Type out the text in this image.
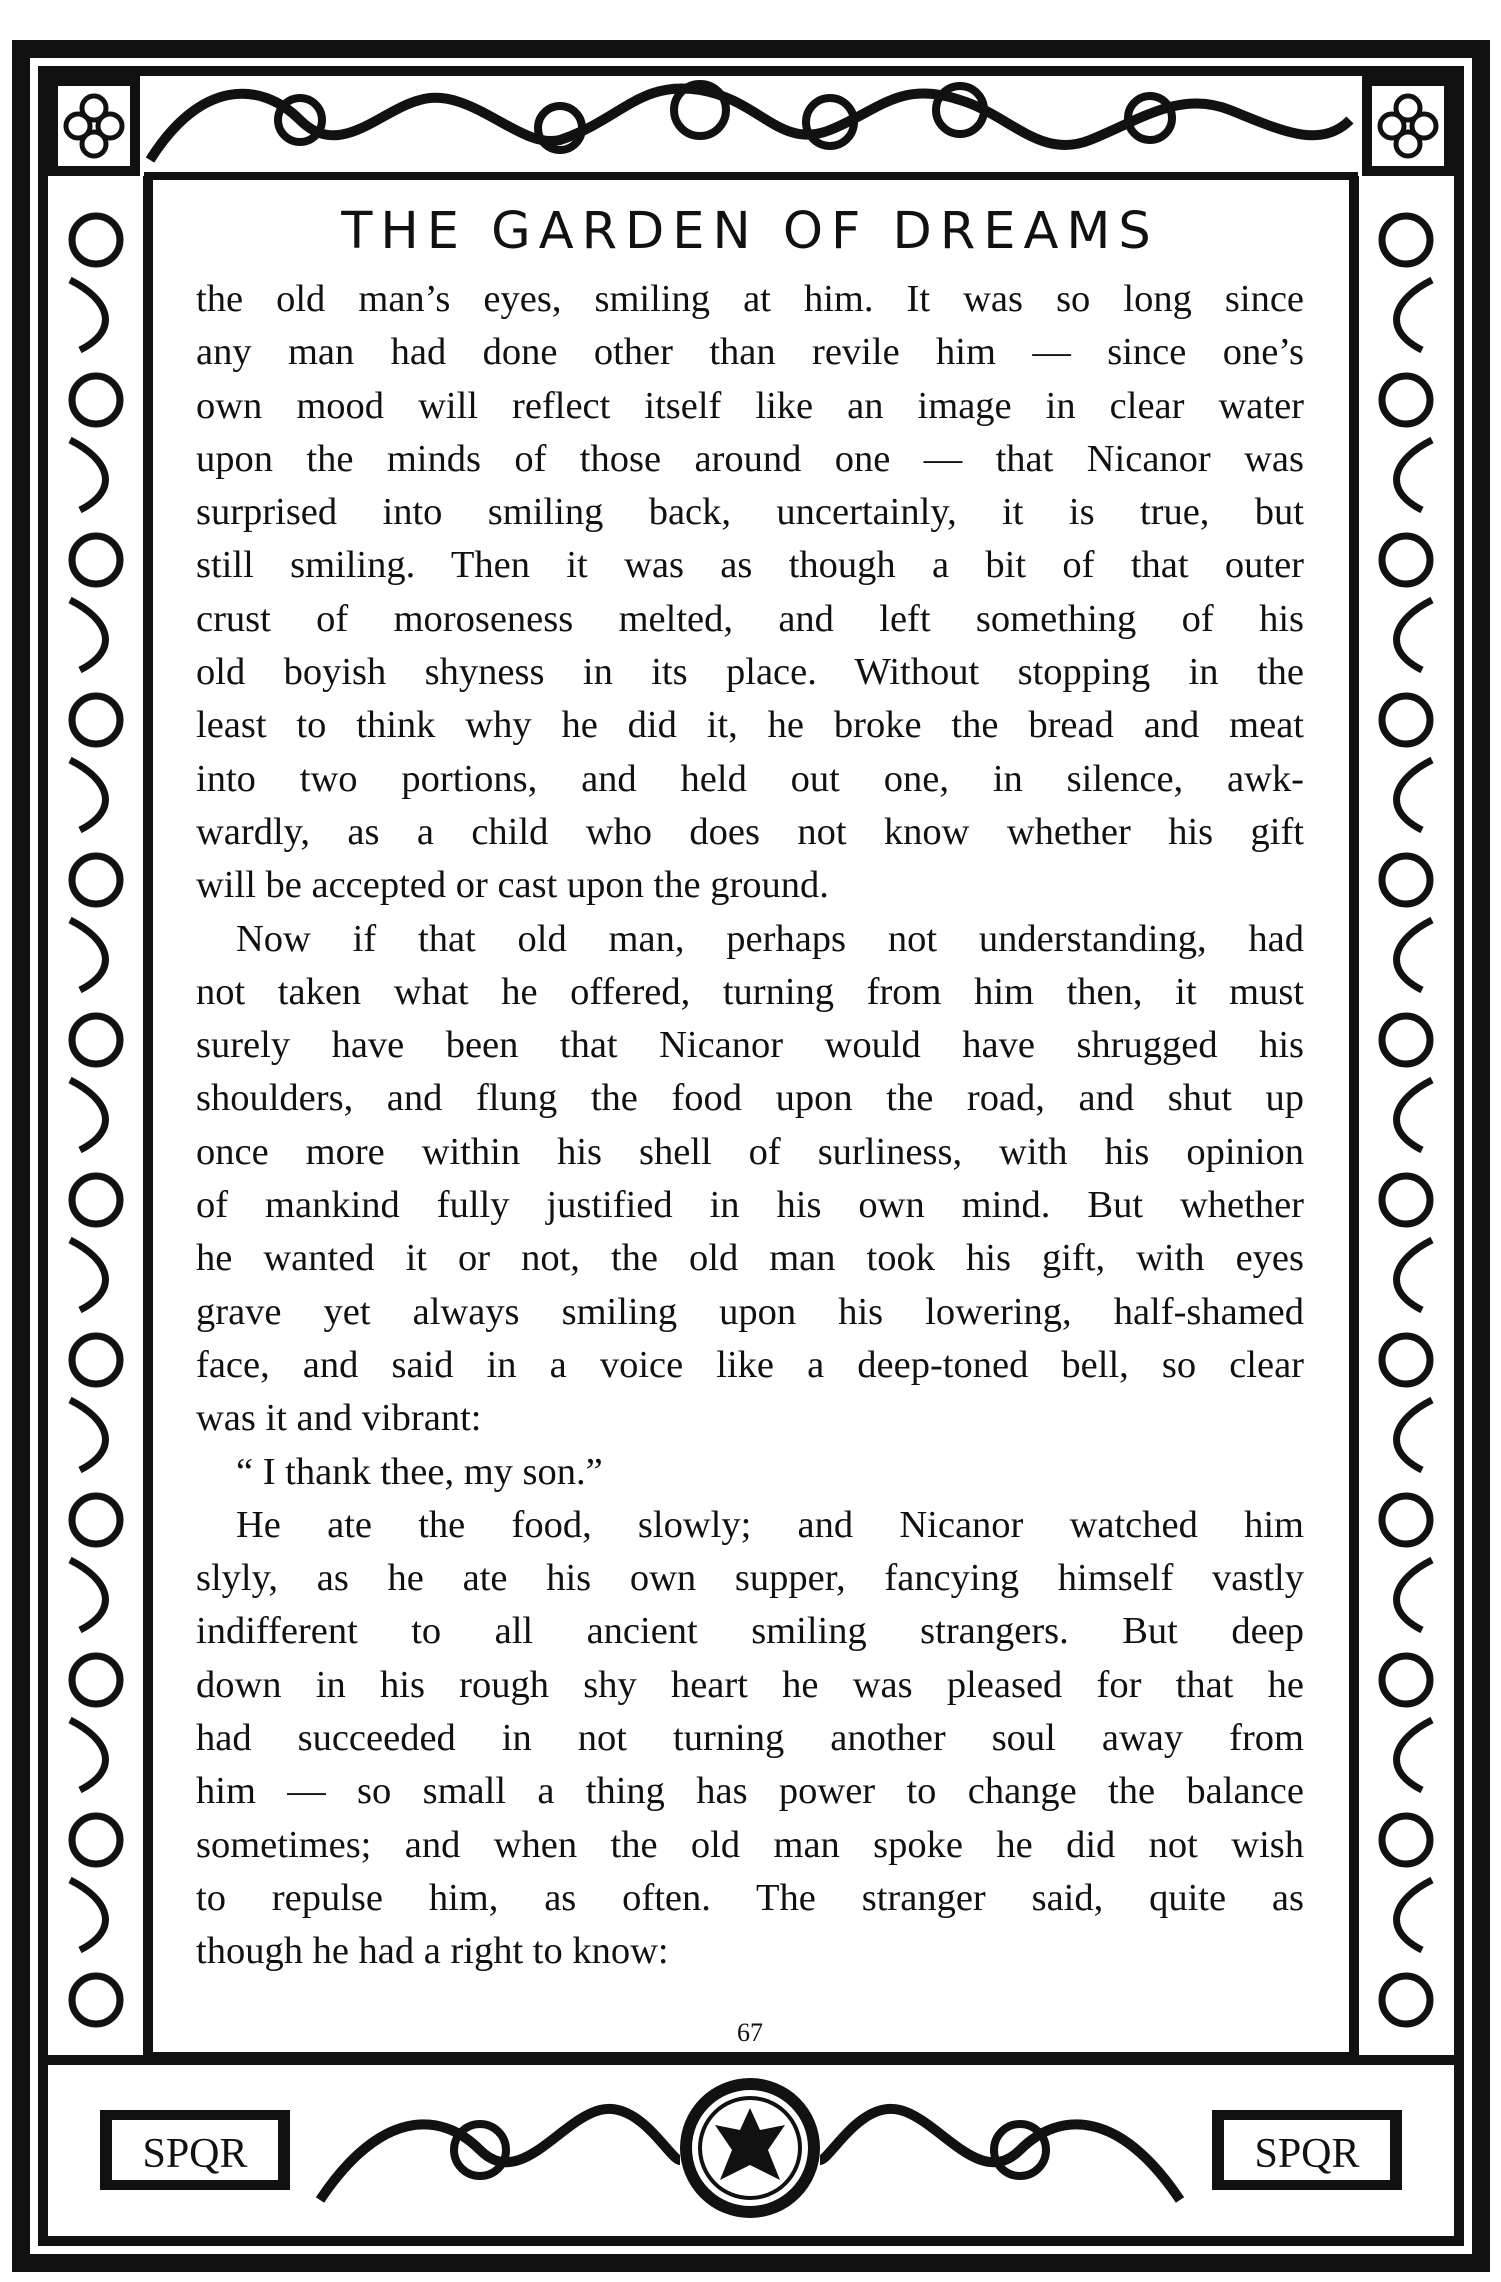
SPQR	SPQR
THE GARDEN OF DREAMS
the old man’s eyes, smiling at him. It was so long since
any man had done other than revile him — since one’s
own mood will reflect itself like an image in clear water
upon the minds of those around one — that Nicanor was
surprised into smiling back, uncertainly, it is true, but
still smiling. Then it was as though a bit of that outer
crust of moroseness melted, and left something of his
old boyish shyness in its place. Without stopping in the
least to think why he did it, he broke the bread and meat
into two portions, and held out one, in silence, awk-
wardly, as a child who does not know whether his gift
will be accepted or cast upon the ground.
Now if that old man, perhaps not understanding, had
not taken what he offered, turning from him then, it must
surely have been that Nicanor would have shrugged his
shoulders, and flung the food upon the road, and shut up
once more within his shell of surliness, with his opinion
of mankind fully justified in his own mind. But whether
he wanted it or not, the old man took his gift, with eyes
grave yet always smiling upon his lowering, half-shamed
face, and said in a voice like a deep-toned bell, so clear
was it and vibrant:
“ I thank thee, my son.”
He ate the food, slowly; and Nicanor watched him
slyly, as he ate his own supper, fancying himself vastly
indifferent to all ancient smiling strangers. But deep
down in his rough shy heart he was pleased for that he
had succeeded in not turning another soul away from
him — so small a thing has power to change the balance
sometimes; and when the old man spoke he did not wish
to repulse him, as often. The stranger said, quite as
though he had a right to know:
67
